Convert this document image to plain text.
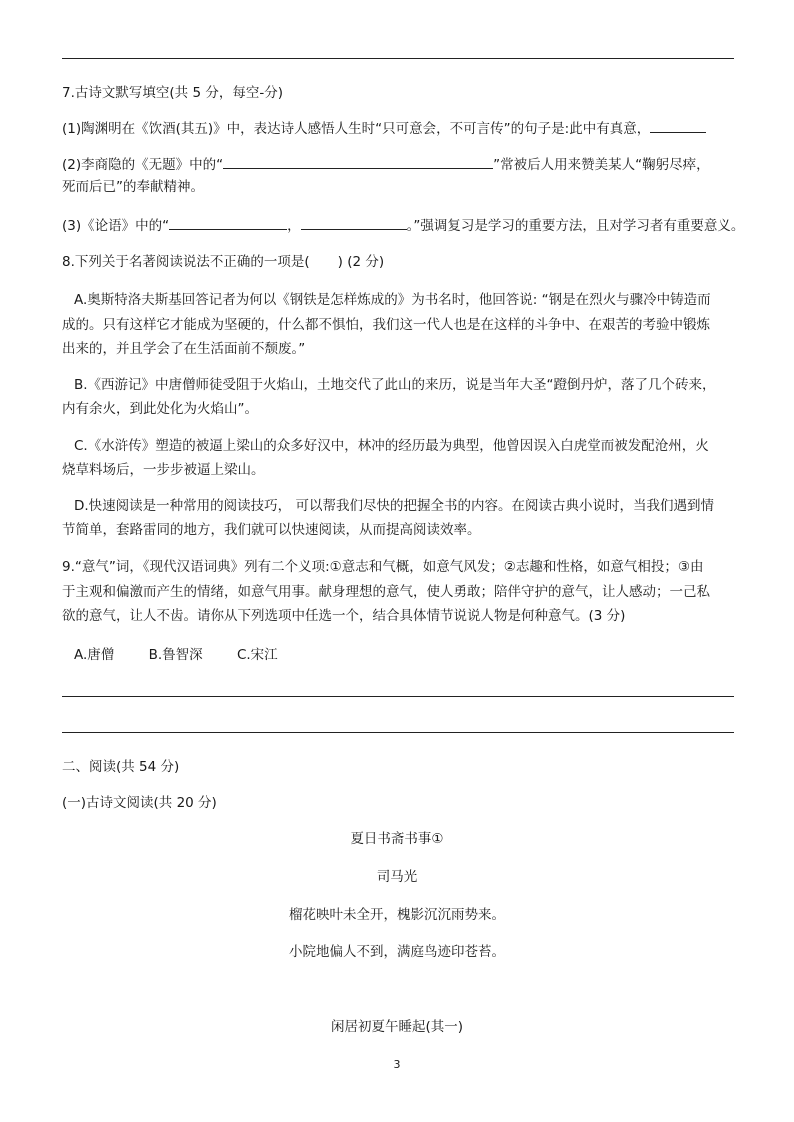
7.古诗文默写填空(共 5 分，每空-分)
(1)陶渊明在《饮酒(其五)》中，表达诗人感悟人生时“只可意会，不可言传”的句子是:此中有真意，
(2)李商隐的《无题》中的“	”常被后人用来赞美某人“鞠躬尽瘁，
死而后已”的奉献精神。
(3)《论语》中的“	，	。”强调复习是学习的重要方法，且对学习者有重要意义。
8.下列关于名著阅读说法不正确的一项是( ) (2 分)
A.奥斯特洛夫斯基回答记者为何以《钢铁是怎样炼成的》为书名时，他回答说: “钢是在烈火与骤冷中铸造而
成的。只有这样它才能成为坚硬的，什么都不惧怕，我们这一代人也是在这样的斗争中、在艰苦的考验中锻炼
出来的，并且学会了在生活面前不颓废。”
B.《西游记》中唐僧师徒受阻于火焰山，土地交代了此山的来历，说是当年大圣“蹬倒丹炉，落了几个砖来，
内有余火，到此处化为火焰山”。
C.《水浒传》塑造的被逼上梁山的众多好汉中，林冲的经历最为典型，他曾因误入白虎堂而被发配沧州，火
烧草料场后，一步步被逼上梁山。
D.快速阅读是一种常用的阅读技巧， 可以帮我们尽快的把握全书的内容。在阅读古典小说时，当我们遇到情
节简单，套路雷同的地方，我们就可以快速阅读，从而提高阅读效率。
9.“意气”词，《现代汉语词典》列有二个义项:①意志和气概，如意气风发；②志趣和性格，如意气相投；③由
于主观和偏激而产生的情绪，如意气用事。献身理想的意气，使人勇敢；陪伴守护的意气，让人感动；一己私
欲的意气，让人不齿。请你从下列选项中任选一个，结合具体情节说说人物是何种意气。(3 分)
A.唐僧	B.鲁智深	C.宋江
二、阅读(共 54 分)
(一)古诗文阅读(共 20 分)
夏日书斋书事①
司马光
榴花映叶未全开，槐影沉沉雨势来。
小院地偏人不到，满庭鸟迹印苍苔。
闲居初夏午睡起(其一)
3
